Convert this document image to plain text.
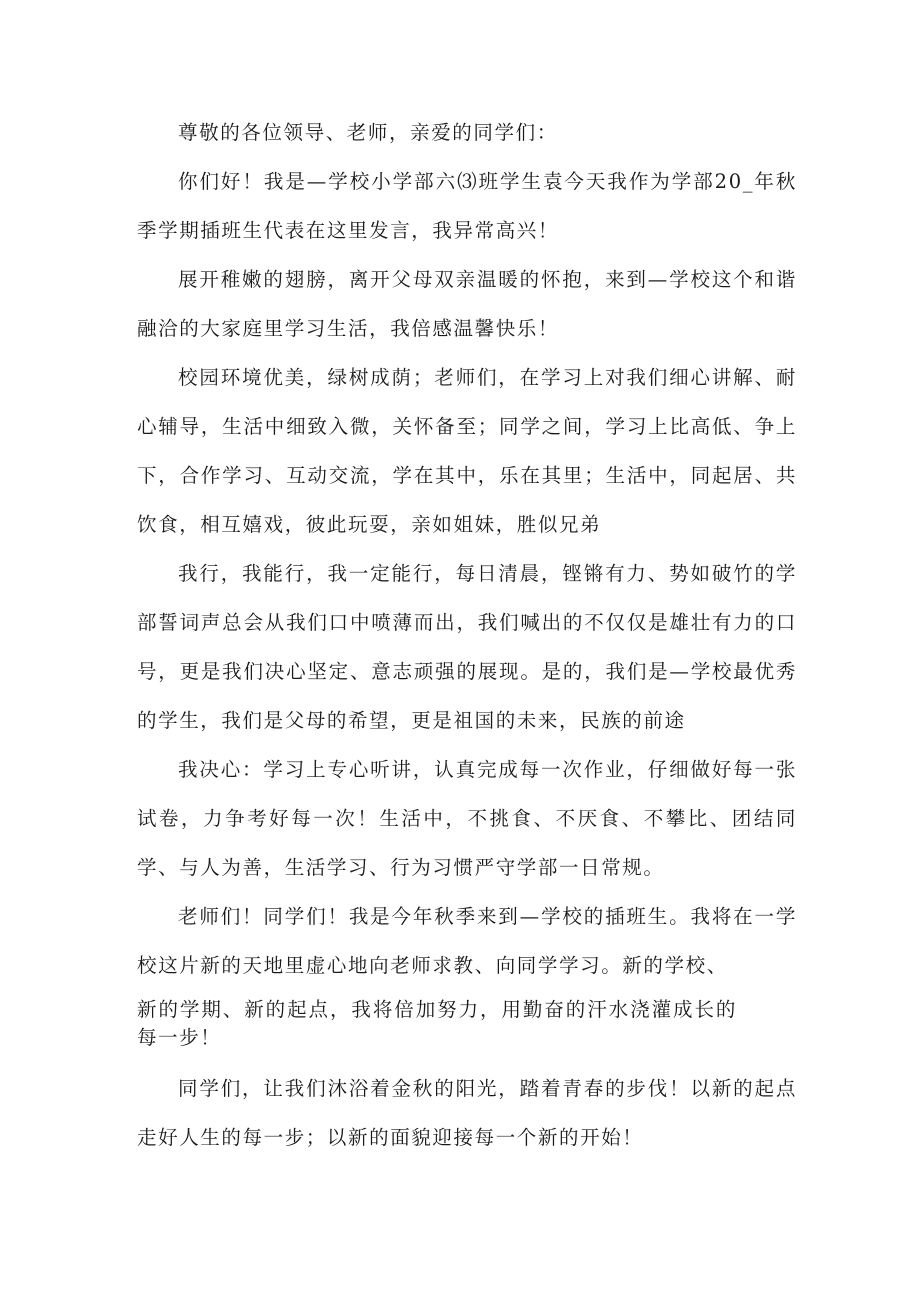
尊敬的各位领导、老师，亲爱的同学们：

你们好！我是—学校小学部六⑶班学生袁今天我作为学部20_年秋季学期插班生代表在这里发言，我异常高兴！

展开稚嫩的翅膀，离开父母双亲温暖的怀抱，来到—学校这个和谐融洽的大家庭里学习生活，我倍感温馨快乐！

校园环境优美，绿树成荫；老师们，在学习上对我们细心讲解、耐心辅导，生活中细致入微，关怀备至；同学之间，学习上比高低、争上下，合作学习、互动交流，学在其中，乐在其里；生活中，同起居、共饮食，相互嬉戏，彼此玩耍，亲如姐妹，胜似兄弟

我行，我能行，我一定能行，每日清晨，铿锵有力、势如破竹的学部誓词声总会从我们口中喷薄而出，我们喊出的不仅仅是雄壮有力的口号，更是我们决心坚定、意志顽强的展现。是的，我们是—学校最优秀的学生，我们是父母的希望，更是祖国的未来，民族的前途

我决心：学习上专心听讲，认真完成每一次作业，仔细做好每一张试卷，力争考好每一次！生活中，不挑食、不厌食、不攀比、团结同学、与人为善，生活学习、行为习惯严守学部一日常规。

老师们！同学们！我是今年秋季来到—学校的插班生。我将在一学校这片新的天地里虚心地向老师求教、向同学学习。新的学校、

新的学期、新的起点，我将倍加努力，用勤奋的汗水浇灌成长的每一步！

同学们，让我们沐浴着金秋的阳光，踏着青春的步伐！以新的起点走好人生的每一步；以新的面貌迎接每一个新的开始！
